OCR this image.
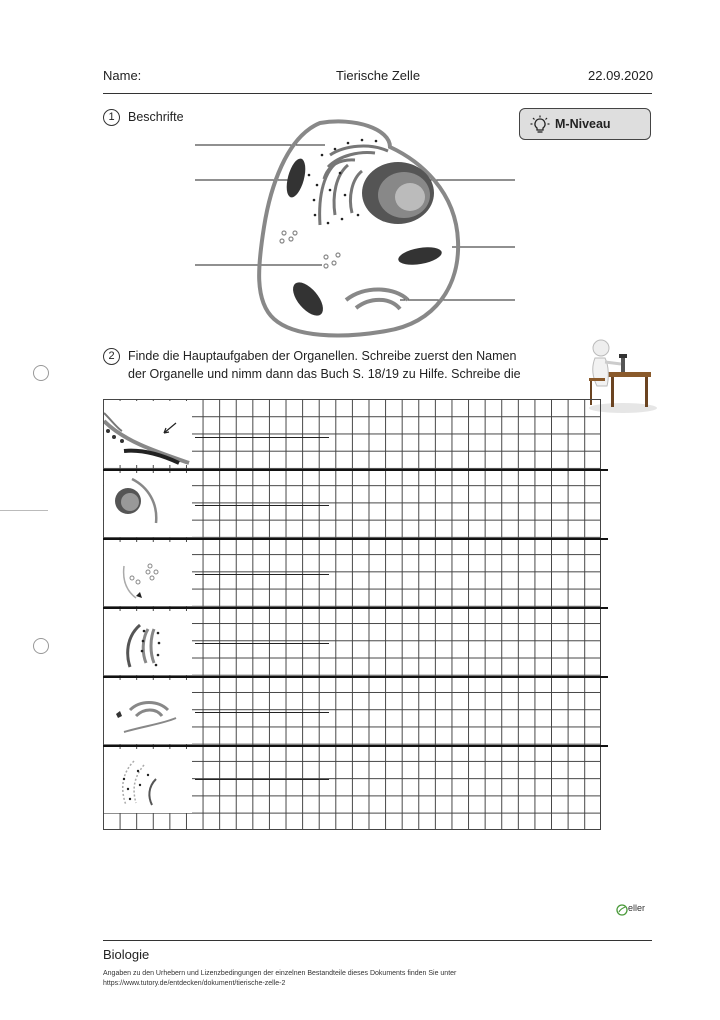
Name:	Tierische Zelle	22.09.2020
1	Beschrifte	M-Niveau
2	Finde die Hauptaufgaben der Organellen. Schreibe zuerst den Namen
der Organelle und nimm dann das Buch S. 18/19 zu Hilfe. Schreibe die
eller
Biologie
Angaben zu den Urhebern und Lizenzbedingungen der einzelnen Bestandteile dieses Dokuments finden Sie unter
https://www.tutory.de/entdecken/dokument/tierische-zelle-2
